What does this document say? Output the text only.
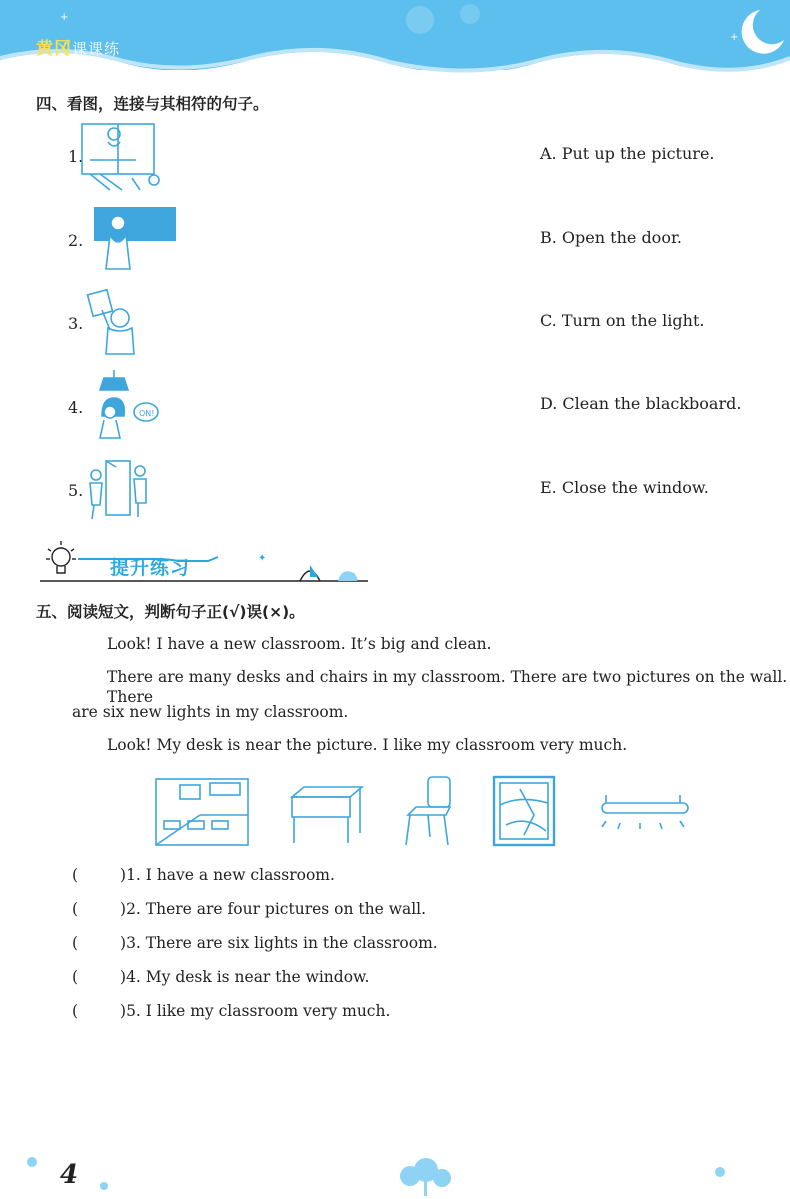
+
+
黄冈课课练
四、看图，连接与其相符的句子。
1.
2.
3.
4.
5.
ON!
A. Put up the picture.
B. Open the door.
C. Turn on the light.
D. Clean the blackboard.
E. Close the window.
✦
提升练习
五、阅读短文，判断句子正(√)误(×)。
Look! I have a new classroom. It’s big and clean.
There are many desks and chairs in my classroom. There are two pictures on the wall. There
are six new lights in my classroom.
Look! My desk is near the picture. I like my classroom very much.
(	)1. I have a new classroom.
(	)2. There are four pictures on the wall.
(	)3. There are six lights in the classroom.
(	)4. My desk is near the window.
(	)5. I like my classroom very much.
4
